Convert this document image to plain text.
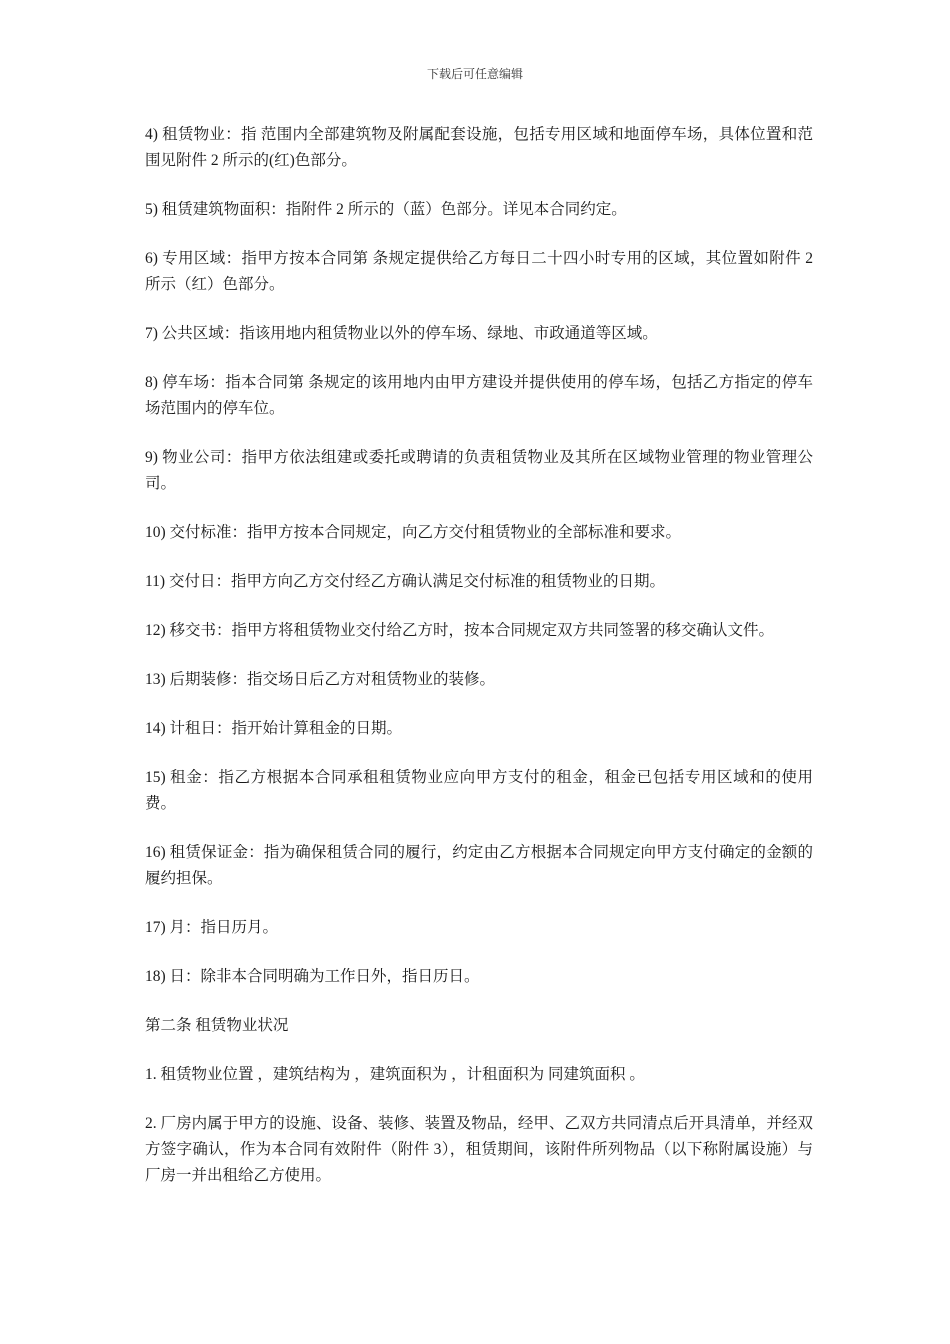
下载后可任意编辑

4) 租赁物业：指 范围内全部建筑物及附属配套设施，包括专用区域和地面停车场，具体位置和范围见附件 2 所示的(红)色部分。

5) 租赁建筑物面积：指附件 2 所示的（蓝）色部分。详见本合同约定。

6) 专用区域：指甲方按本合同第 条规定提供给乙方每日二十四小时专用的区域，其位置如附件 2 所示（红）色部分。

7) 公共区域：指该用地内租赁物业以外的停车场、绿地、市政通道等区域。

8) 停车场：指本合同第 条规定的该用地内由甲方建设并提供使用的停车场，包括乙方指定的停车场范围内的停车位。

9) 物业公司：指甲方依法组建或委托或聘请的负责租赁物业及其所在区域物业管理的物业管理公司。

10) 交付标准：指甲方按本合同规定，向乙方交付租赁物业的全部标准和要求。

11) 交付日：指甲方向乙方交付经乙方确认满足交付标准的租赁物业的日期。

12) 移交书：指甲方将租赁物业交付给乙方时，按本合同规定双方共同签署的移交确认文件。

13) 后期装修：指交场日后乙方对租赁物业的装修。

14) 计租日：指开始计算租金的日期。

15) 租金：指乙方根据本合同承租租赁物业应向甲方支付的租金，租金已包括专用区域和的使用费。

16) 租赁保证金：指为确保租赁合同的履行，约定由乙方根据本合同规定向甲方支付确定的金额的履约担保。

17) 月：指日历月。

18) 日：除非本合同明确为工作日外，指日历日。

第二条 租赁物业状况

1. 租赁物业位置 ，建筑结构为 ，建筑面积为 ，计租面积为 同建筑面积 。

2. 厂房内属于甲方的设施、设备、装修、装置及物品，经甲、乙双方共同清点后开具清单，并经双方签字确认，作为本合同有效附件（附件 3），租赁期间，该附件所列物品（以下称附属设施）与厂房一并出租给乙方使用。
